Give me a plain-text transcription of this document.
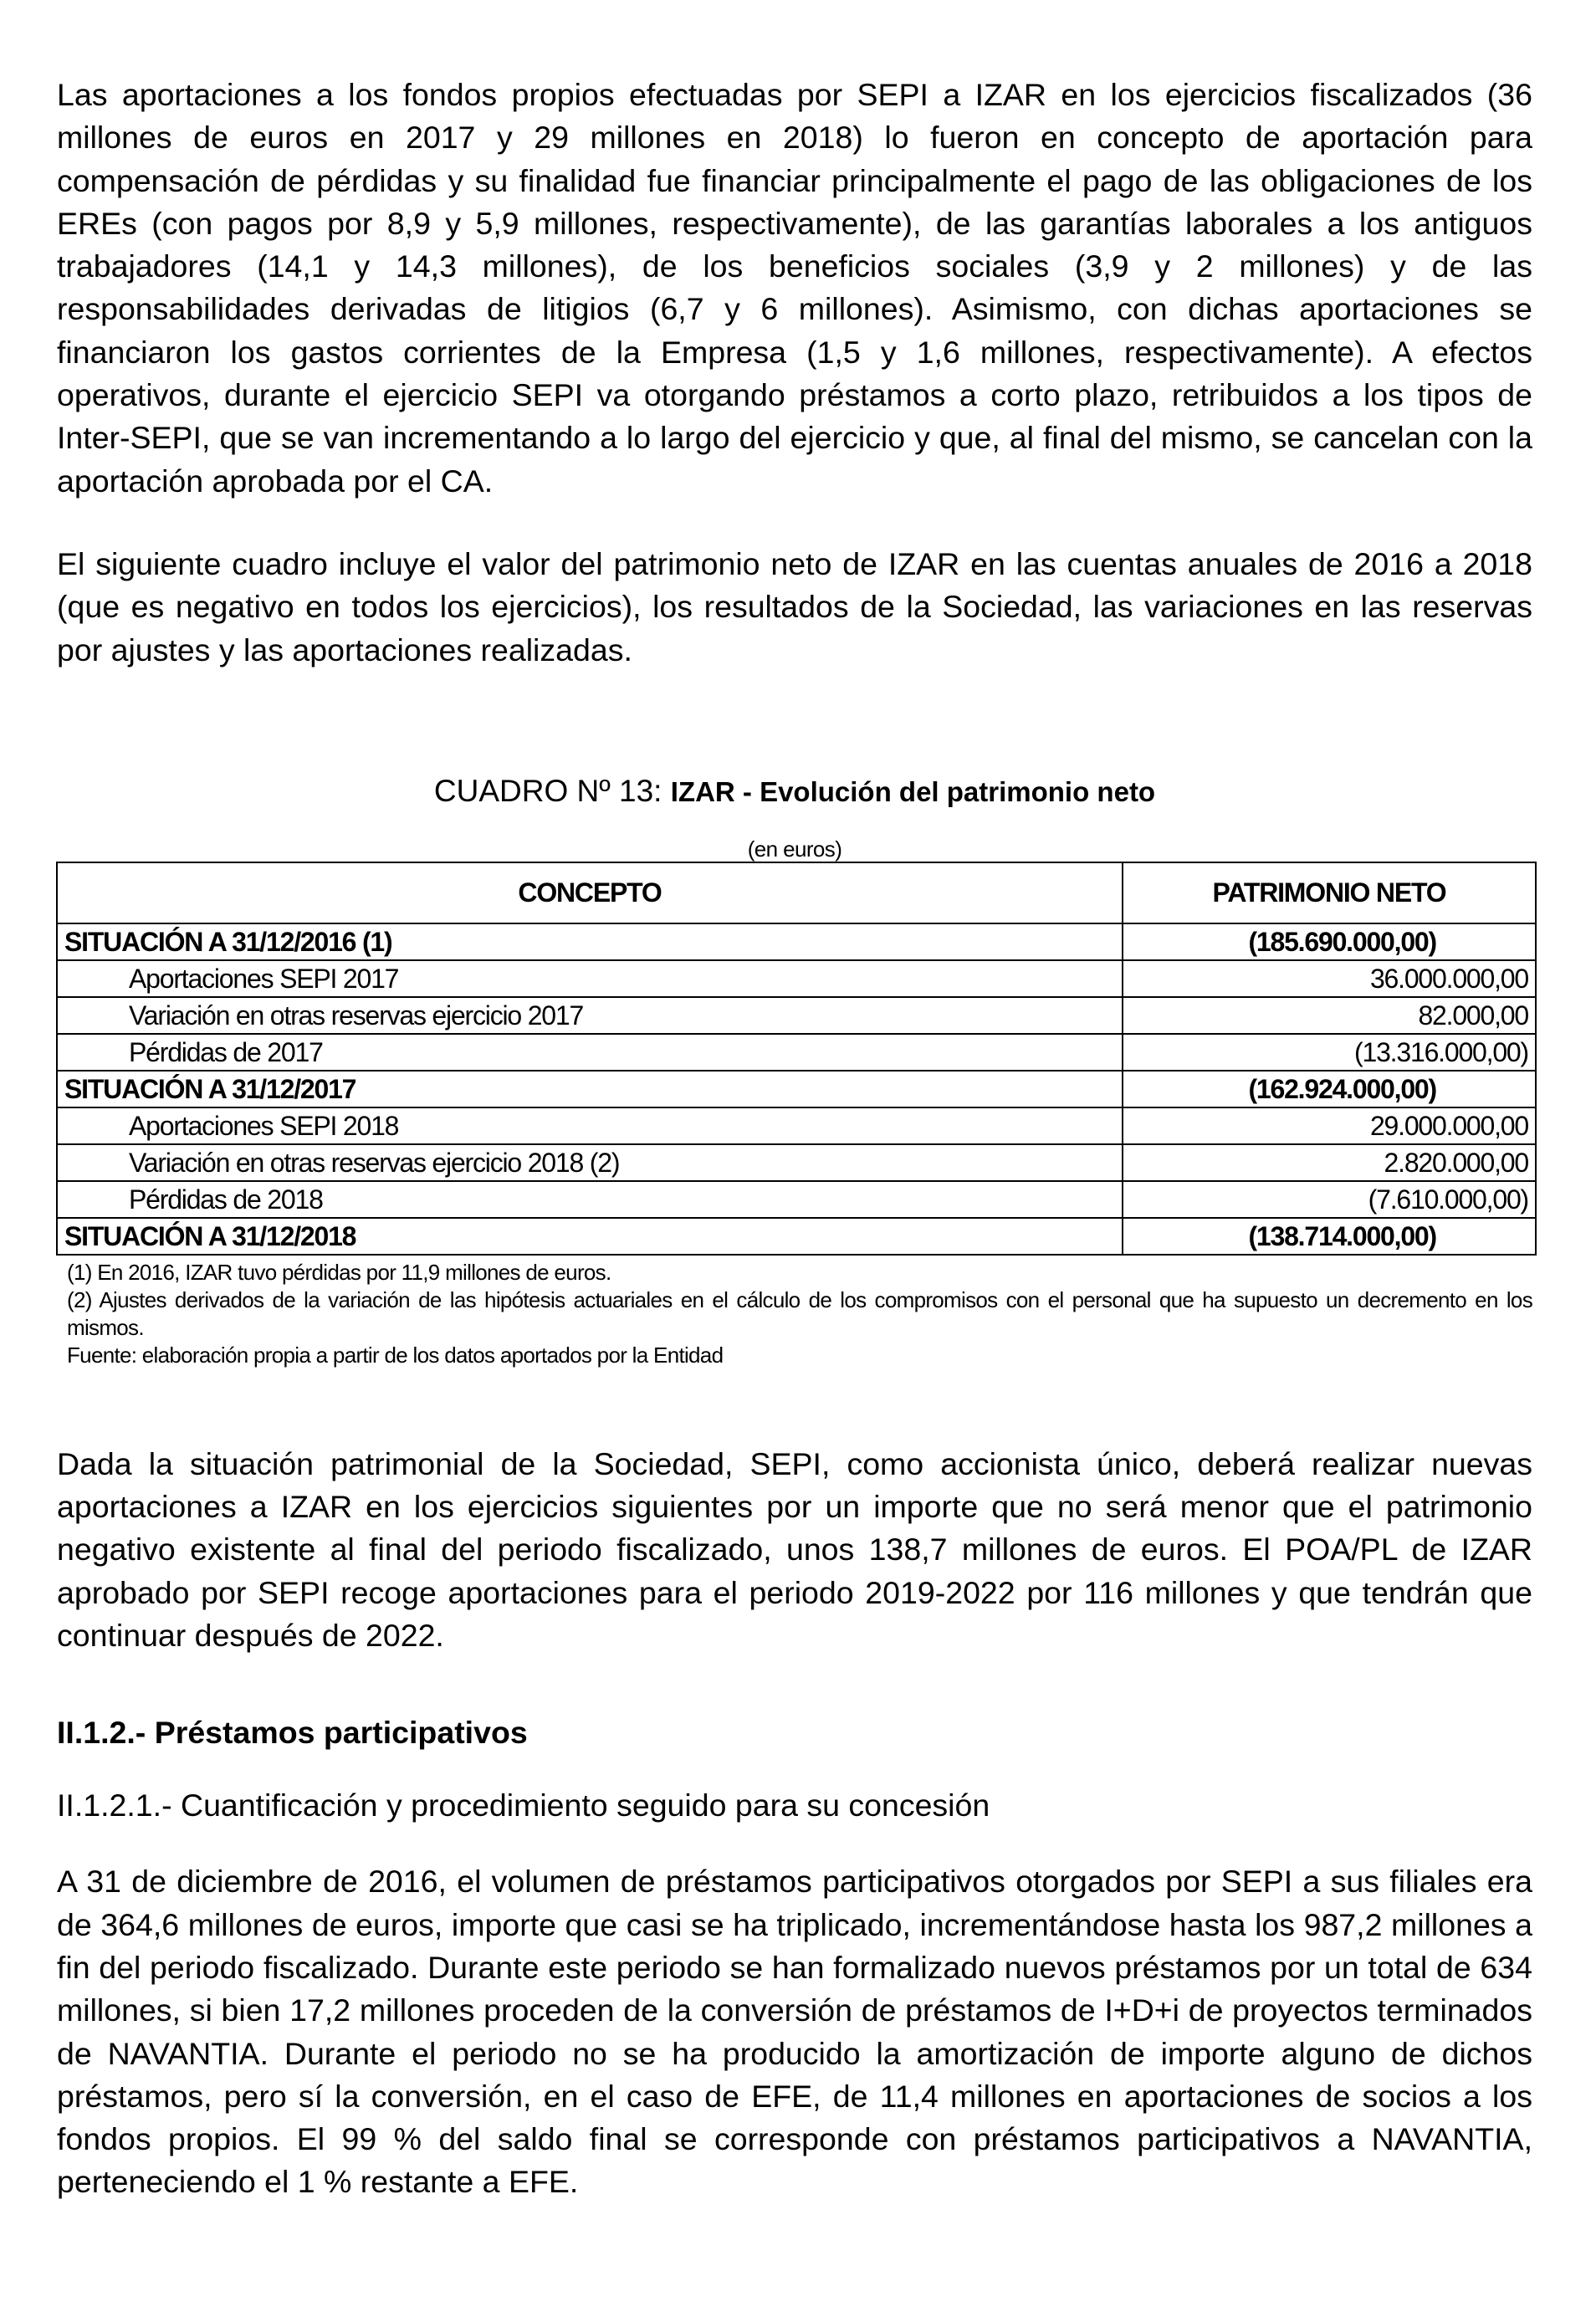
Las aportaciones a los fondos propios efectuadas por SEPI a IZAR en los ejercicios fiscalizados (36 millones de euros en 2017 y 29 millones en 2018) lo fueron en concepto de aportación para compensación de pérdidas y su finalidad fue financiar principalmente el pago de las obligaciones de los EREs (con pagos por 8,9 y 5,9 millones, respectivamente), de las garantías laborales a los antiguos trabajadores (14,1 y 14,3 millones), de los beneficios sociales (3,9 y 2 millones) y de las responsabilidades derivadas de litigios (6,7 y 6 millones). Asimismo, con dichas aportaciones se financiaron los gastos corrientes de la Empresa (1,5 y 1,6 millones, respectivamente). A efectos operativos, durante el ejercicio SEPI va otorgando préstamos a corto plazo, retribuidos a los tipos de Inter-SEPI, que se van incrementando a lo largo del ejercicio y que, al final del mismo, se cancelan con la aportación aprobada por el CA.

El siguiente cuadro incluye el valor del patrimonio neto de IZAR en las cuentas anuales de 2016 a 2018 (que es negativo en todos los ejercicios), los resultados de la Sociedad, las variaciones en las reservas por ajustes y las aportaciones realizadas.

CUADRO Nº 13: IZAR - Evolución del patrimonio neto
(en euros)
CONCEPTO	PATRIMONIO NETO
SITUACIÓN A 31/12/2016 (1)	(185.690.000,00)
Aportaciones SEPI 2017	36.000.000,00
Variación en otras reservas ejercicio 2017	82.000,00
Pérdidas de 2017	(13.316.000,00)
SITUACIÓN A 31/12/2017	(162.924.000,00)
Aportaciones SEPI 2018	29.000.000,00
Variación en otras reservas ejercicio 2018 (2)	2.820.000,00
Pérdidas de 2018	(7.610.000,00)
SITUACIÓN A 31/12/2018	(138.714.000,00)
(1) En 2016, IZAR tuvo pérdidas por 11,9 millones de euros.
(2) Ajustes derivados de la variación de las hipótesis actuariales en el cálculo de los compromisos con el personal que ha supuesto un decremento en los mismos.
Fuente: elaboración propia a partir de los datos aportados por la Entidad

Dada la situación patrimonial de la Sociedad, SEPI, como accionista único, deberá realizar nuevas aportaciones a IZAR en los ejercicios siguientes por un importe que no será menor que el patrimonio negativo existente al final del periodo fiscalizado, unos 138,7 millones de euros. El POA/PL de IZAR aprobado por SEPI recoge aportaciones para el periodo 2019-2022 por 116 millones y que tendrán que continuar después de 2022.

II.1.2.- Préstamos participativos
II.1.2.1.- Cuantificación y procedimiento seguido para su concesión

A 31 de diciembre de 2016, el volumen de préstamos participativos otorgados por SEPI a sus filiales era de 364,6 millones de euros, importe que casi se ha triplicado, incrementándose hasta los 987,2 millones a fin del periodo fiscalizado. Durante este periodo se han formalizado nuevos préstamos por un total de 634 millones, si bien 17,2 millones proceden de la conversión de préstamos de I+D+i de proyectos terminados de NAVANTIA. Durante el periodo no se ha producido la amortización de importe alguno de dichos préstamos, pero sí la conversión, en el caso de EFE, de 11,4 millones en aportaciones de socios a los fondos propios. El 99 % del saldo final se corresponde con préstamos participativos a NAVANTIA, perteneciendo el 1 % restante a EFE.
